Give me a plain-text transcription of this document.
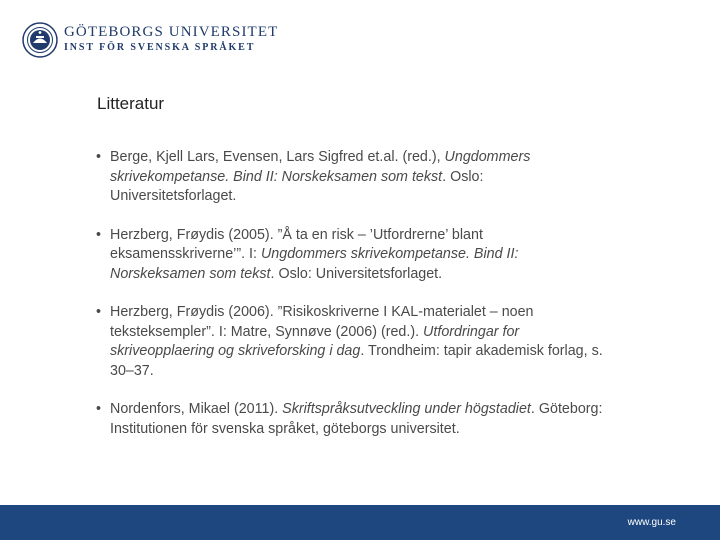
GÖTEBORGS UNIVERSITET
INST FÖR SVENSKA SPRÅKET
Litteratur
• Berge, Kjell Lars, Evensen, Lars Sigfred et.al. (red.), Ungdommers skrivekompetanse. Bind II: Norskeksamen som tekst. Oslo: Universitetsforlaget.
• Herzberg, Frøydis (2005). ”Å ta en risk – ’Utfordrerne’ blant eksamensskriverne’”. I: Ungdommers skrivekompetanse. Bind II: Norskeksamen som tekst. Oslo: Universitetsforlaget.
• Herzberg, Frøydis (2006). ”Risikoskriverne I KAL-materialet – noen teksteksempler”. I: Matre, Synnøve (2006) (red.). Utfordringar for skriveopplaering og skriveforsking i dag. Trondheim: tapir akademisk forlag, s. 30–37.
• Nordenfors, Mikael (2011). Skriftspråksutveckling under högstadiet. Göteborg: Institutionen för svenska språket, göteborgs universitet.
www.gu.se
